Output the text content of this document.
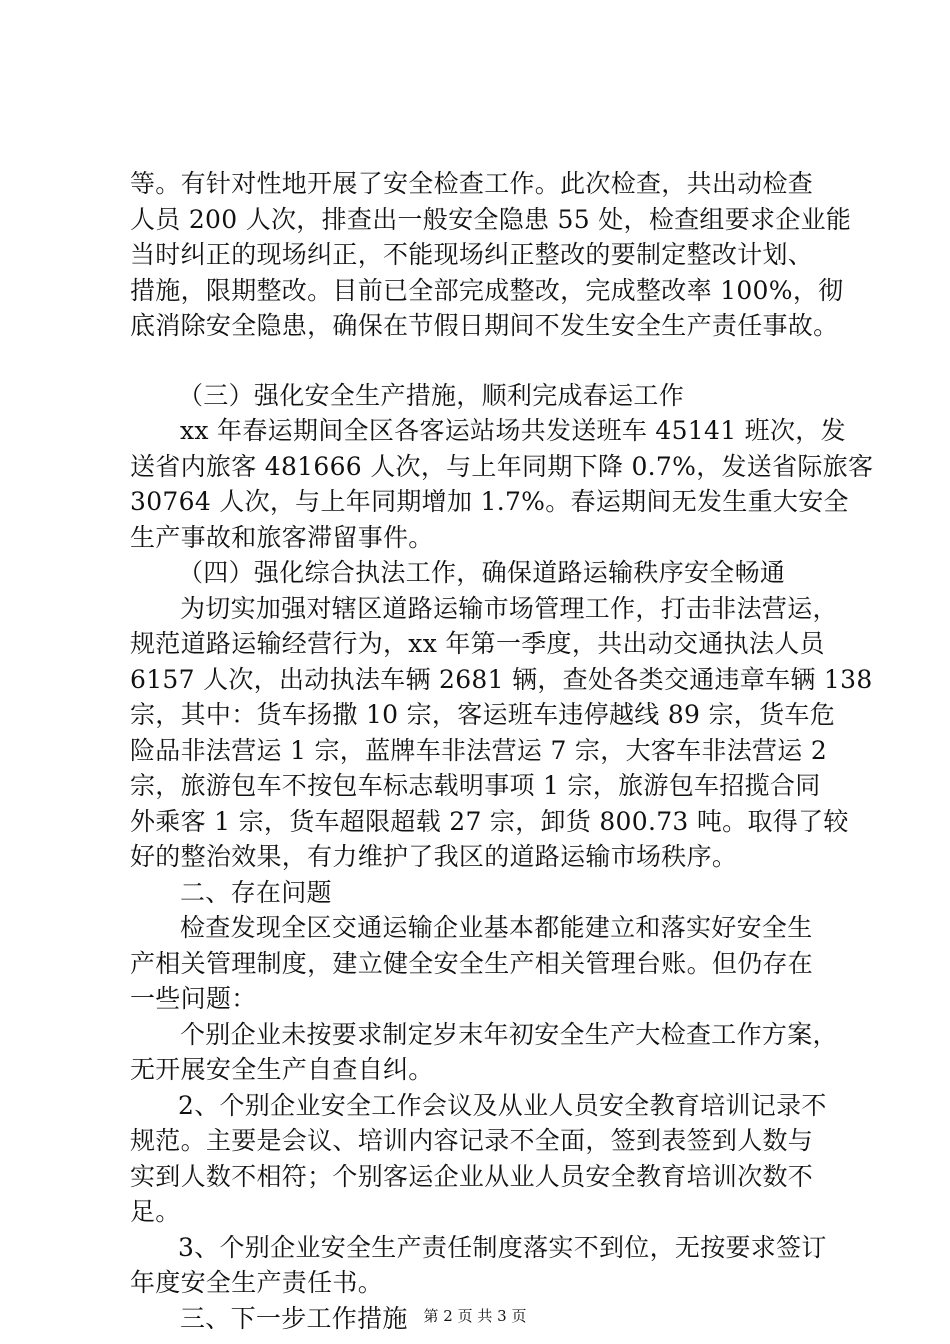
等。有针对性地开展了安全检查工作。此次检查，共出动检查
人员 200 人次，排查出一般安全隐患 55 处，检查组要求企业能
当时纠正的现场纠正，不能现场纠正整改的要制定整改计划、
措施，限期整改。目前已全部完成整改，完成整改率 100%，彻
底消除安全隐患，确保在节假日期间不发生安全生产责任事故。
（三）强化安全生产措施，顺利完成春运工作
xx 年春运期间全区各客运站场共发送班车 45141 班次，发
送省内旅客 481666 人次，与上年同期下降 0.7%，发送省际旅客
30764 人次，与上年同期增加 1.7%。春运期间无发生重大安全
生产事故和旅客滞留事件。
（四）强化综合执法工作，确保道路运输秩序安全畅通
为切实加强对辖区道路运输市场管理工作，打击非法营运，
规范道路运输经营行为，xx 年第一季度，共出动交通执法人员
6157 人次，出动执法车辆 2681 辆，查处各类交通违章车辆 138
宗，其中：货车扬撒 10 宗，客运班车违停越线 89 宗，货车危
险品非法营运 1 宗，蓝牌车非法营运 7 宗，大客车非法营运 2
宗，旅游包车不按包车标志载明事项 1 宗，旅游包车招揽合同
外乘客 1 宗，货车超限超载 27 宗，卸货 800.73 吨。取得了较
好的整治效果，有力维护了我区的道路运输市场秩序。
二、存在问题
检查发现全区交通运输企业基本都能建立和落实好安全生
产相关管理制度，建立健全安全生产相关管理台账。但仍存在
一些问题：
个别企业未按要求制定岁末年初安全生产大检查工作方案，
无开展安全生产自查自纠。
2、个别企业安全工作会议及从业人员安全教育培训记录不
规范。主要是会议、培训内容记录不全面，签到表签到人数与
实到人数不相符；个别客运企业从业人员安全教育培训次数不
足。
3、个别企业安全生产责任制度落实不到位，无按要求签订
年度安全生产责任书。
三、下一步工作措施	第 2 页 共 3 页
